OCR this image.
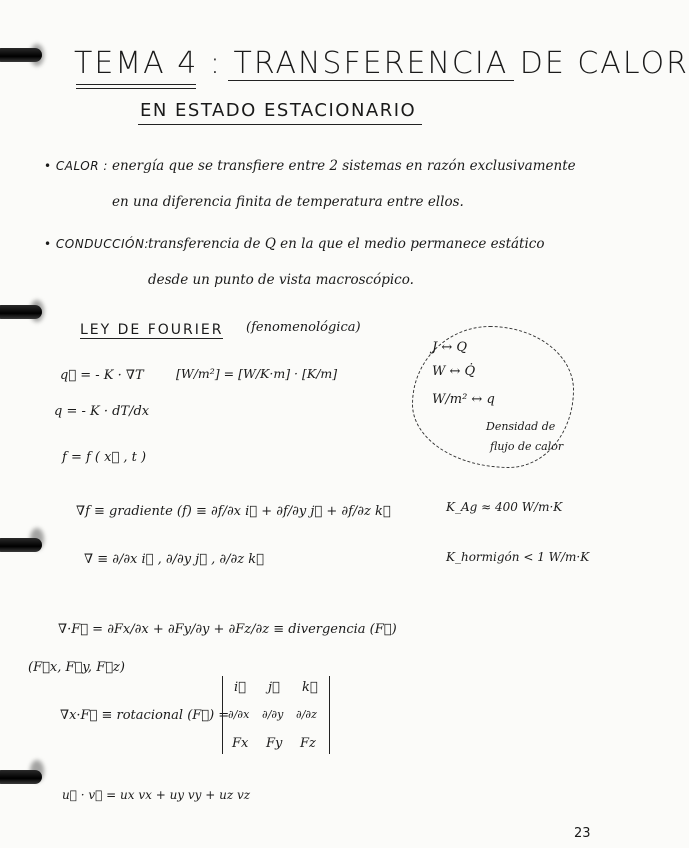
TEMA 4 : TRANSFERENCIA DE CALOR
EN ESTADO ESTACIONARIO
• CALOR : energía que se transfiere entre 2 sistemas en razón exclusivamente
en una diferencia finita de temperatura entre ellos.
• CONDUCCIÓN: transferencia de Q en la que el medio permanece estático
desde un punto de vista macroscópico.
LEY DE FOURIER (fenomenológica)
q⃗ = - K · ∇T	[W/m²] = [W/K·m] · [K/m]
q = - K · dT/dx
f = f ( x⃗ , t )
J ↔ Q
W ↔ Q̇
W/m² ↔ q
Densidad de
flujo de calor
∇f ≡ gradiente (f) ≡ ∂f/∂x i⃗ + ∂f/∂y j⃗ + ∂f/∂z k⃗
∇ ≡ ∂/∂x i⃗ , ∂/∂y j⃗ , ∂/∂z k⃗
K_Ag ≈ 400 W/m·K
K_hormigón < 1 W/m·K
∇·F⃗ = ∂Fx/∂x + ∂Fy/∂y + ∂Fz/∂z ≡ divergencia (F⃗)
(F⃗x, F⃗y, F⃗z)
∇x·F⃗ ≡ rotacional (F⃗) =
i⃗ j⃗ k⃗
∂/∂x ∂/∂y ∂/∂z
Fx Fy Fz
u⃗ · v⃗ = ux vx + uy vy + uz vz
23
